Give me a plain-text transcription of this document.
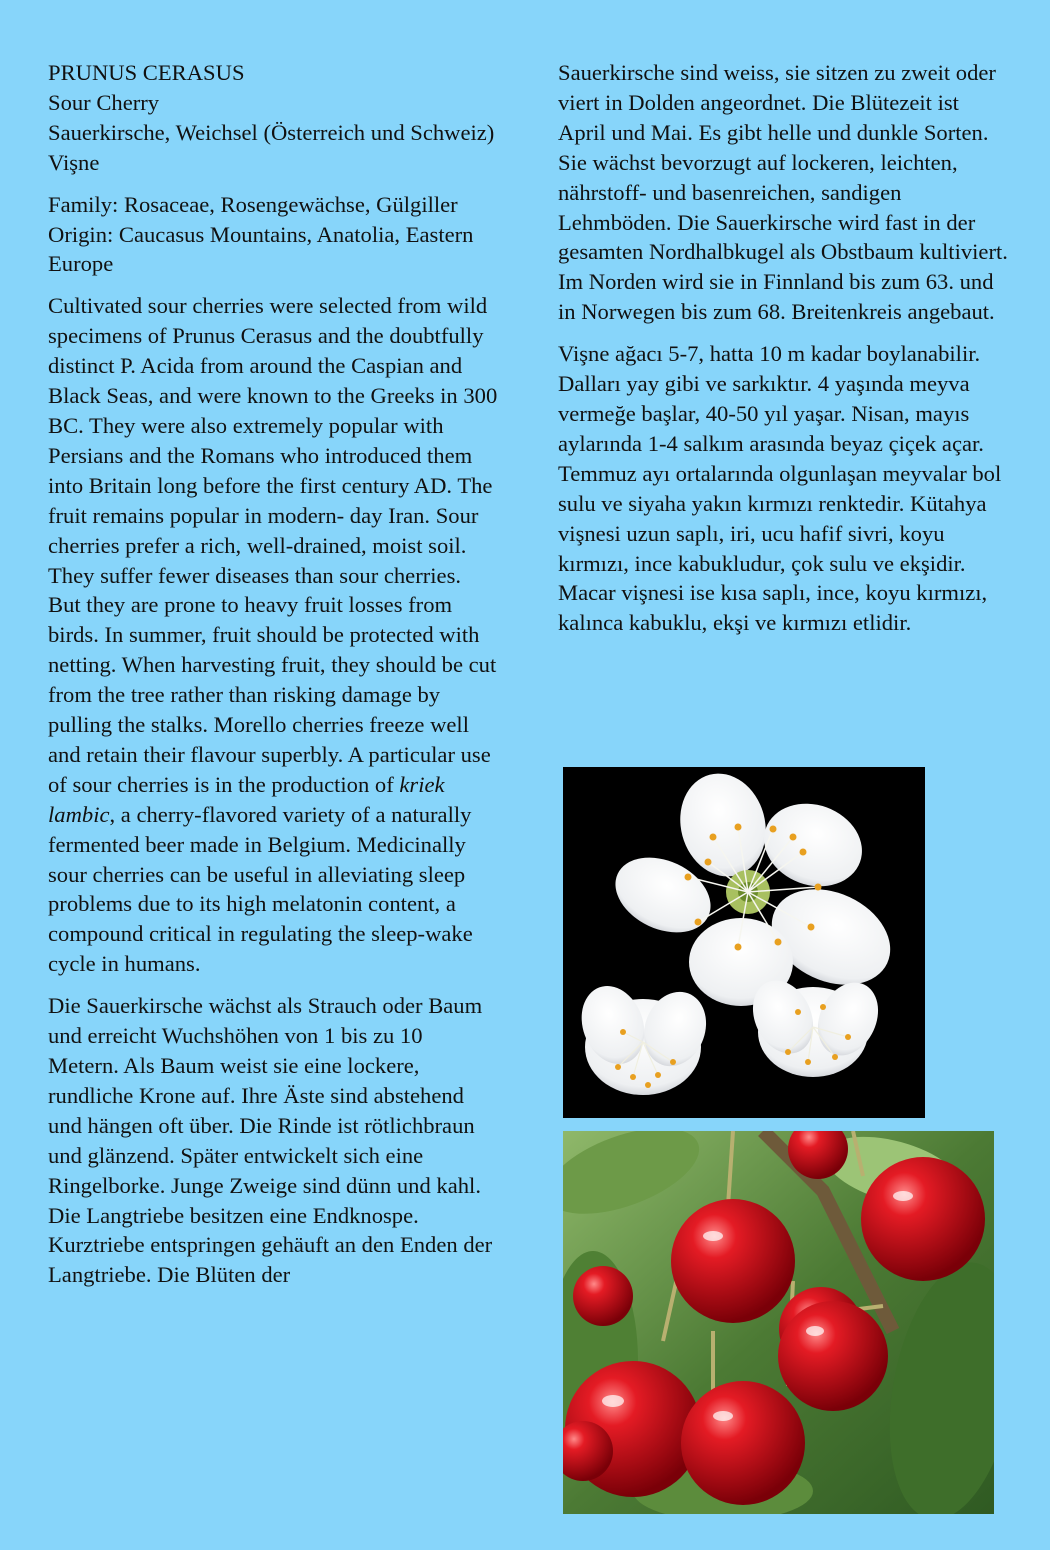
PRUNUS CERASUS

Sour Cherry

Sauerkirsche, Weichsel (Österreich und Schweiz)

Vişne

Family: Rosaceae, Rosengewächse, Gülgiller

Origin: Caucasus Mountains, Anatolia, Eastern Europe

Cultivated sour cherries were selected from wild specimens of Prunus Cerasus and the doubtfully distinct P. Acida from around the Caspian and Black Seas, and were known to the Greeks in 300 BC. They were also extremely popular with Persians and the Romans who introduced them into Britain long before the first century AD. The fruit remains popular in modern- day Iran. Sour cherries prefer a rich, well-drained, moist soil. They suffer fewer diseases than sour cherries. But they are prone to heavy fruit losses from birds. In summer, fruit should be protected with netting. When harvesting fruit, they should be cut from the tree rather than risking damage by pulling the stalks. Morello cherries freeze well and retain their flavour superbly. A particular use of sour cherries is in the production of kriek lambic, a cherry-flavored variety of a naturally fermented beer made in Belgium. Medicinally sour cherries can be useful in alleviating sleep problems due to its high melatonin content, a compound critical in regulating the sleep-wake cycle in humans.

Die Sauerkirsche wächst als Strauch oder Baum und erreicht Wuchshöhen von 1 bis zu 10 Metern. Als Baum weist sie eine lockere, rundliche Krone auf. Ihre Äste sind abstehend und hängen oft über. Die Rinde ist rötlichbraun und glänzend. Später entwickelt sich eine Ringelborke. Junge Zweige sind dünn und kahl. Die Langtriebe besitzen eine Endknospe. Kurztriebe entspringen gehäuft an den Enden der Langtriebe. Die Blüten der

Sauerkirsche sind weiss, sie sitzen zu zweit oder viert in Dolden angeordnet. Die Blütezeit ist April und Mai. Es gibt helle und dunkle Sorten. Sie wächst bevorzugt auf lockeren, leichten, nährstoff- und basenreichen, sandigen Lehmböden. Die Sauerkirsche wird fast in der gesamten Nordhalbkugel als Obstbaum kultiviert. Im Norden wird sie in Finnland bis zum 63. und in Norwegen bis zum 68. Breitenkreis angebaut.

Vişne ağacı 5-7, hatta 10 m kadar boylanabilir. Dalları yay gibi ve sarkıktır. 4 yaşında meyva vermeğe başlar, 40-50 yıl yaşar. Nisan, mayıs aylarında 1-4 salkım arasında beyaz çiçek açar. Temmuz ayı ortalarında olgunlaşan meyvalar bol sulu ve siyaha yakın kırmızı renktedir. Kütahya vişnesi uzun saplı, iri, ucu hafif sivri, koyu kırmızı, ince kabukludur, çok sulu ve ekşidir. Macar vişnesi ise kısa saplı, ince, koyu kırmızı, kalınca kabuklu, ekşi ve kırmızı etlidir.
